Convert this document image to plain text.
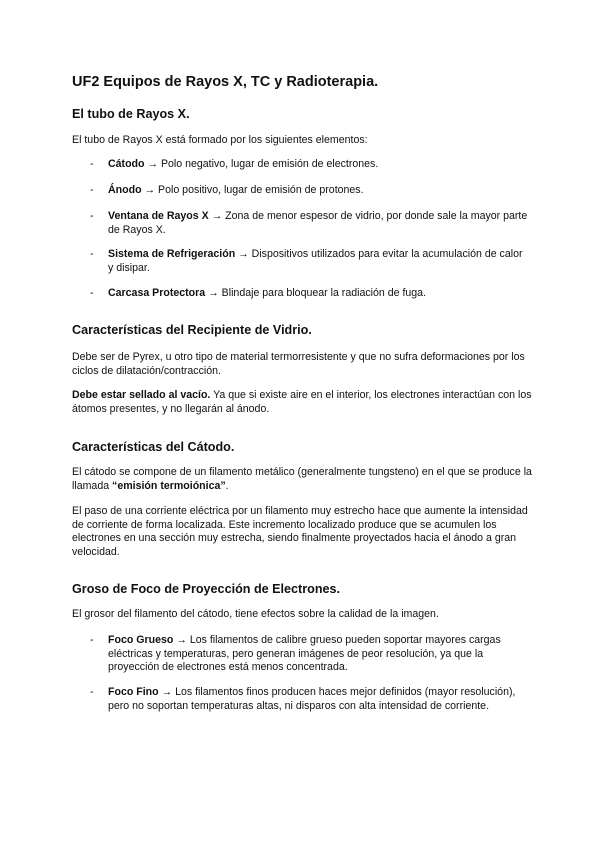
UF2 Equipos de Rayos X, TC y Radioterapia.
El tubo de Rayos X.

El tubo de Rayos X está formado por los siguientes elementos:

- Cátodo → Polo negativo, lugar de emisión de electrones.
- Ánodo → Polo positivo, lugar de emisión de protones.
- Ventana de Rayos X → Zona de menor espesor de vidrio, por donde sale la mayor parte de Rayos X.
- Sistema de Refrigeración → Dispositivos utilizados para evitar la acumulación de calor y disipar.
- Carcasa Protectora → Blindaje para bloquear la radiación de fuga.
Características del Recipiente de Vidrio.

Debe ser de Pyrex, u otro tipo de material termorresistente y que no sufra deformaciones por los ciclos de dilatación/contracción.

Debe estar sellado al vacío. Ya que si existe aire en el interior, los electrones interactúan con los átomos presentes, y no llegarán al ánodo.

Características del Cátodo.

El cátodo se compone de un filamento metálico (generalmente tungsteno) en el que se produce la llamada “emisión termoiónica”.

El paso de una corriente eléctrica por un filamento muy estrecho hace que aumente la intensidad de corriente de forma localizada. Este incremento localizado produce que se acumulen los electrones en una sección muy estrecha, siendo finalmente proyectados hacia el ánodo a gran velocidad.

Groso de Foco de Proyección de Electrones.

El grosor del filamento del cátodo, tiene efectos sobre la calidad de la imagen.

- Foco Grueso → Los filamentos de calibre grueso pueden soportar mayores cargas eléctricas y temperaturas, pero generan imágenes de peor resolución, ya que la proyección de electrones está menos concentrada.
- Foco Fino → Los filamentos finos producen haces mejor definidos (mayor resolución), pero no soportan temperaturas altas, ni disparos con alta intensidad de corriente.
